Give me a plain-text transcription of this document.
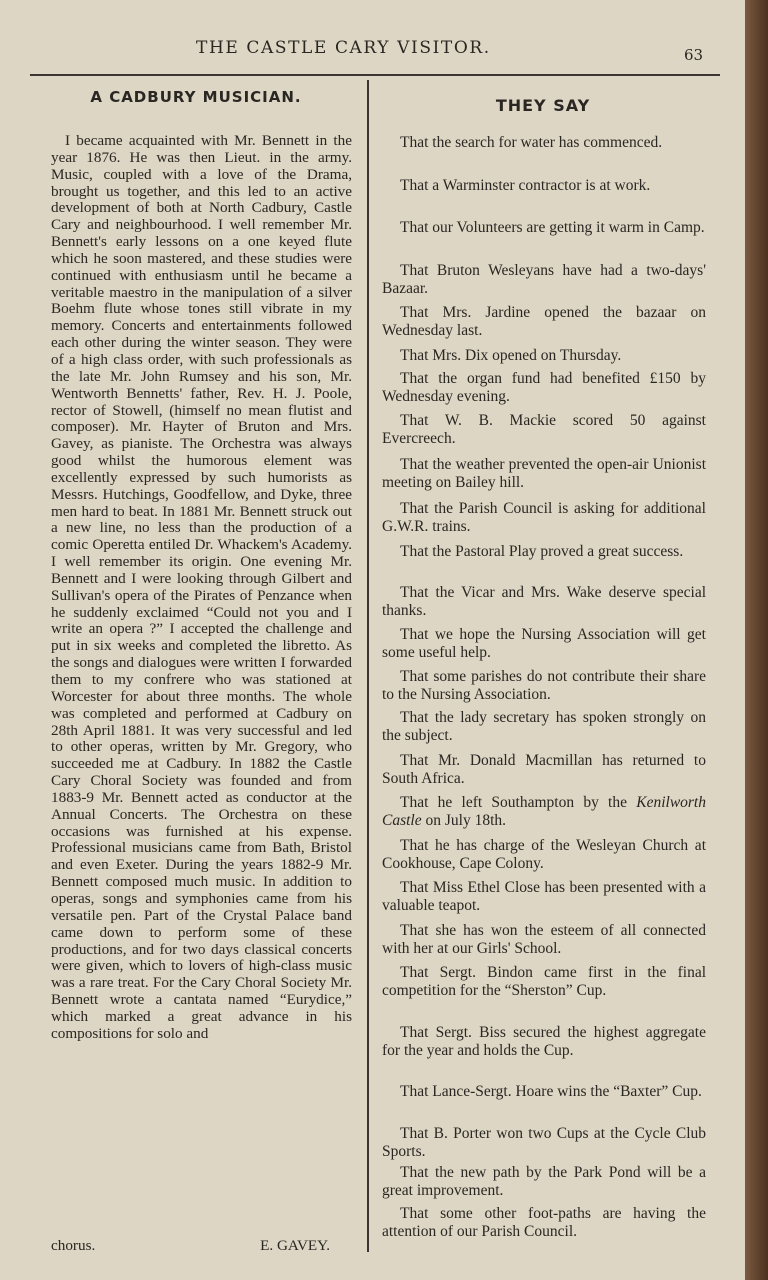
THE CASTLE CARY VISITOR.	63
A CADBURY MUSICIAN.

I became acquainted with Mr. Bennett in the year 1876. He was then Lieut. in the army. Music, coupled with a love of the Drama, brought us together, and this led to an active development of both at North Cadbury, Castle Cary and neighbourhood. I well remember Mr. Bennett's early lessons on a one keyed flute which he soon mastered, and these studies were continued with enthusiasm until he became a veritable maestro in the manipulation of a silver Boehm flute whose tones still vibrate in my memory. Concerts and entertainments followed each other during the winter season. They were of a high class order, with such professionals as the late Mr. John Rumsey and his son, Mr. Wentworth Bennetts' father, Rev. H. J. Poole, rector of Stowell, (himself no mean flutist and composer). Mr. Hayter of Bruton and Mrs. Gavey, as pianiste. The Orchestra was always good whilst the humorous element was excellently expressed by such humorists as Messrs. Hutchings, Goodfellow, and Dyke, three men hard to beat. In 1881 Mr. Bennett struck out a new line, no less than the production of a comic Operetta entiled Dr. Whackem's Academy. I well remember its origin. One evening Mr. Bennett and I were looking through Gilbert and Sullivan's opera of the Pirates of Penzance when he suddenly exclaimed “Could not you and I write an opera ?” I accepted the challenge and put in six weeks and completed the libretto. As the songs and dialogues were written I forwarded them to my confrere who was stationed at Worcester for about three months. The whole was completed and performed at Cadbury on 28th April 1881. It was very successful and led to other operas, written by Mr. Gregory, who succeeded me at Cadbury. In 1882 the Castle Cary Choral Society was founded and from 1883-9 Mr. Bennett acted as conductor at the Annual Concerts. The Orchestra on these occasions was furnished at his expense. Professional musicians came from Bath, Bristol and even Exeter. During the years 1882-9 Mr. Bennett composed much music. In addition to operas, songs and symphonies came from his versatile pen. Part of the Crystal Palace band came down to perform some of these productions, and for two days classical concerts were given, which to lovers of high-class music was a rare treat. For the Cary Choral Society Mr. Bennett wrote a cantata named “Eurydice,” which marked a great advance in his compositions for solo and

chorus.	E. GAVEY.
THEY SAY

That the search for water has commenced.

That a Warminster contractor is at work.

That our Volunteers are getting it warm in Camp.

That Bruton Wesleyans have had a two-days' Bazaar.

That Mrs. Jardine opened the bazaar on Wednesday last.

That Mrs. Dix opened on Thursday.

That the organ fund had benefited £150 by Wednesday evening.

That W. B. Mackie scored 50 against Evercreech.

That the weather prevented the open-air Unionist meeting on Bailey hill.

That the Parish Council is asking for additional G.W.R. trains.

That the Pastoral Play proved a great success.

That the Vicar and Mrs. Wake deserve special thanks.

That we hope the Nursing Association will get some useful help.

That some parishes do not contribute their share to the Nursing Association.

That the lady secretary has spoken strongly on the subject.

That Mr. Donald Macmillan has returned to South Africa.

That he left Southampton by the Kenilworth Castle on July 18th.

That he has charge of the Wesleyan Church at Cookhouse, Cape Colony.

That Miss Ethel Close has been presented with a valuable teapot.

That she has won the esteem of all connected with her at our Girls' School.

That Sergt. Bindon came first in the final competition for the “Sherston” Cup.

That Sergt. Biss secured the highest aggregate for the year and holds the Cup.

That Lance-Sergt. Hoare wins the “Baxter” Cup.

That B. Porter won two Cups at the Cycle Club Sports.

That the new path by the Park Pond will be a great improvement.

That some other foot-paths are having the attention of our Parish Council.
